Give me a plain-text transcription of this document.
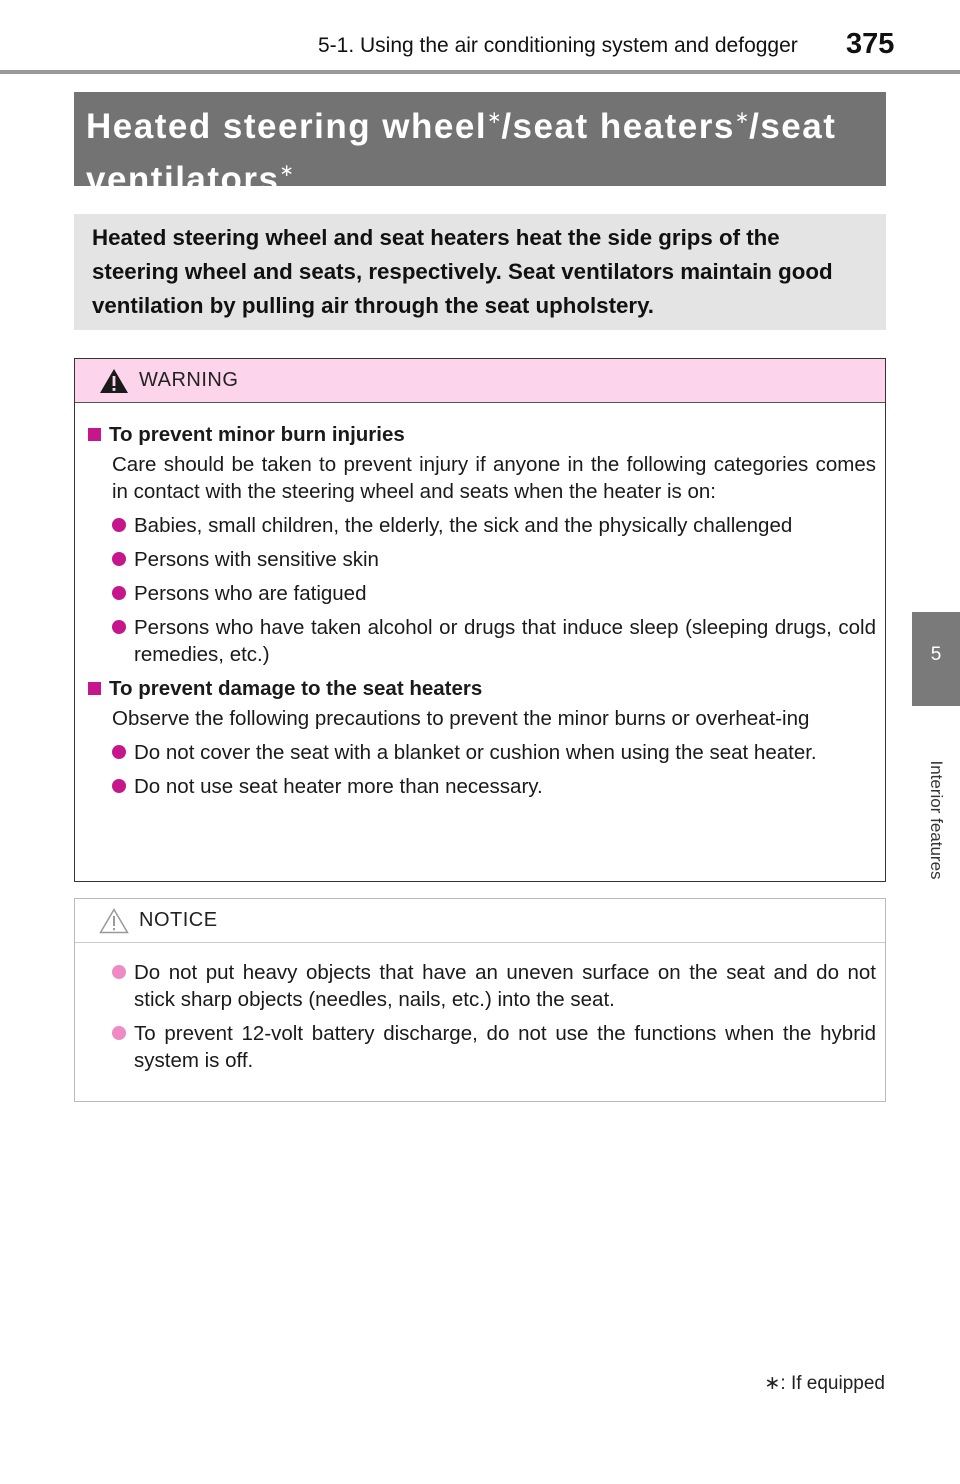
5-1. Using the air conditioning system and defogger 375
5
Interior features
Heated steering wheel∗/seat heaters∗/seat
ventilators∗

Heated steering wheel and seat heaters heat the side grips of the steering wheel and seats, respectively. Seat ventilators maintain good ventilation by pulling air through the seat upholstery.

WARNING
To prevent minor burn injuries

Care should be taken to prevent injury if anyone in the following categories comes in contact with the steering wheel and seats when the heater is on:

Babies, small children, the elderly, the sick and the physically challenged
Persons with sensitive skin
Persons who are fatigued
Persons who have taken alcohol or drugs that induce sleep (sleeping drugs, cold remedies, etc.)
To prevent damage to the seat heaters

Observe the following precautions to prevent the minor burns or overheat-ing

Do not cover the seat with a blanket or cushion when using the seat heater.
Do not use seat heater more than necessary.
NOTICE
Do not put heavy objects that have an uneven surface on the seat and do not stick sharp objects (needles, nails, etc.) into the seat.
To prevent 12-volt battery discharge, do not use the functions when the hybrid system is off.
∗: If equipped
